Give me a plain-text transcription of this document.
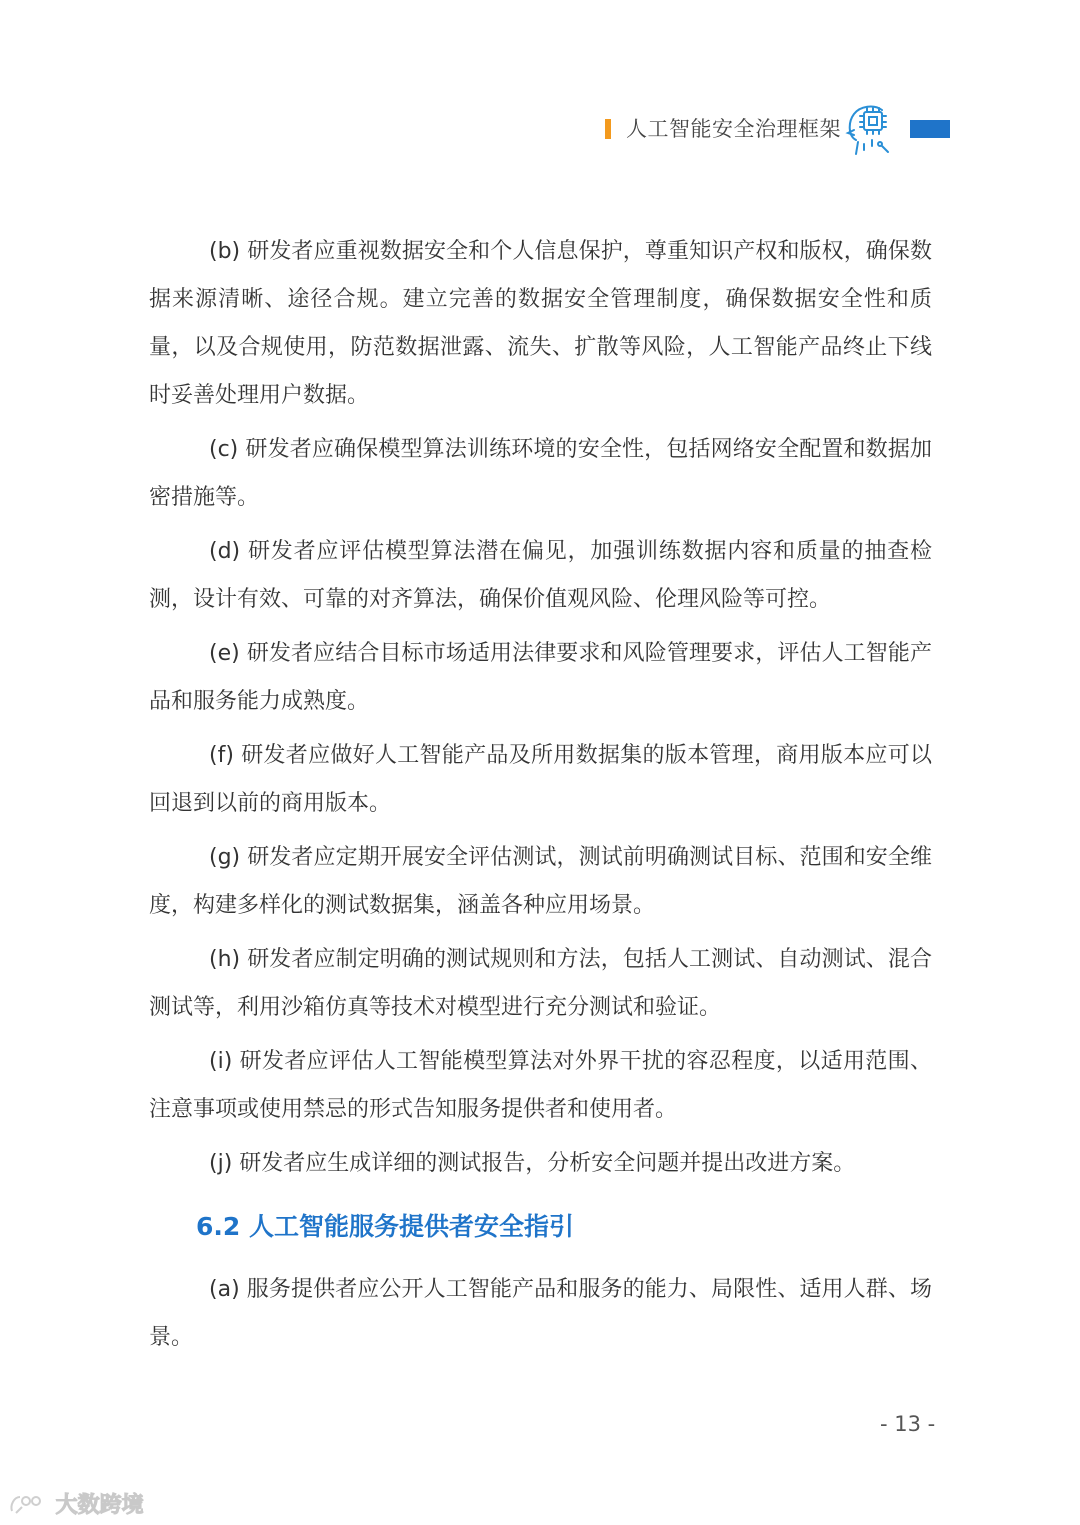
人工智能安全治理框架

(b) 研发者应重视数据安全和个人信息保护，尊重知识产权和版权，确保数据来源清晰、途径合规。建立完善的数据安全管理制度，确保数据安全性和质量，以及合规使用，防范数据泄露、流失、扩散等风险，人工智能产品终止下线时妥善处理用户数据。

(c) 研发者应确保模型算法训练环境的安全性，包括网络安全配置和数据加密措施等。

(d) 研发者应评估模型算法潜在偏见，加强训练数据内容和质量的抽查检测，设计有效、可靠的对齐算法，确保价值观风险、伦理风险等可控。

(e) 研发者应结合目标市场适用法律要求和风险管理要求，评估人工智能产品和服务能力成熟度。

(f) 研发者应做好人工智能产品及所用数据集的版本管理，商用版本应可以回退到以前的商用版本。

(g) 研发者应定期开展安全评估测试，测试前明确测试目标、范围和安全维度，构建多样化的测试数据集，涵盖各种应用场景。

(h) 研发者应制定明确的测试规则和方法，包括人工测试、自动测试、混合测试等，利用沙箱仿真等技术对模型进行充分测试和验证。

(i) 研发者应评估人工智能模型算法对外界干扰的容忍程度，以适用范围、注意事项或使用禁忌的形式告知服务提供者和使用者。

(j) 研发者应生成详细的测试报告，分析安全问题并提出改进方案。

6.2 人工智能服务提供者安全指引

(a) 服务提供者应公开人工智能产品和服务的能力、局限性、适用人群、场景。

- 13 -
大数跨境
